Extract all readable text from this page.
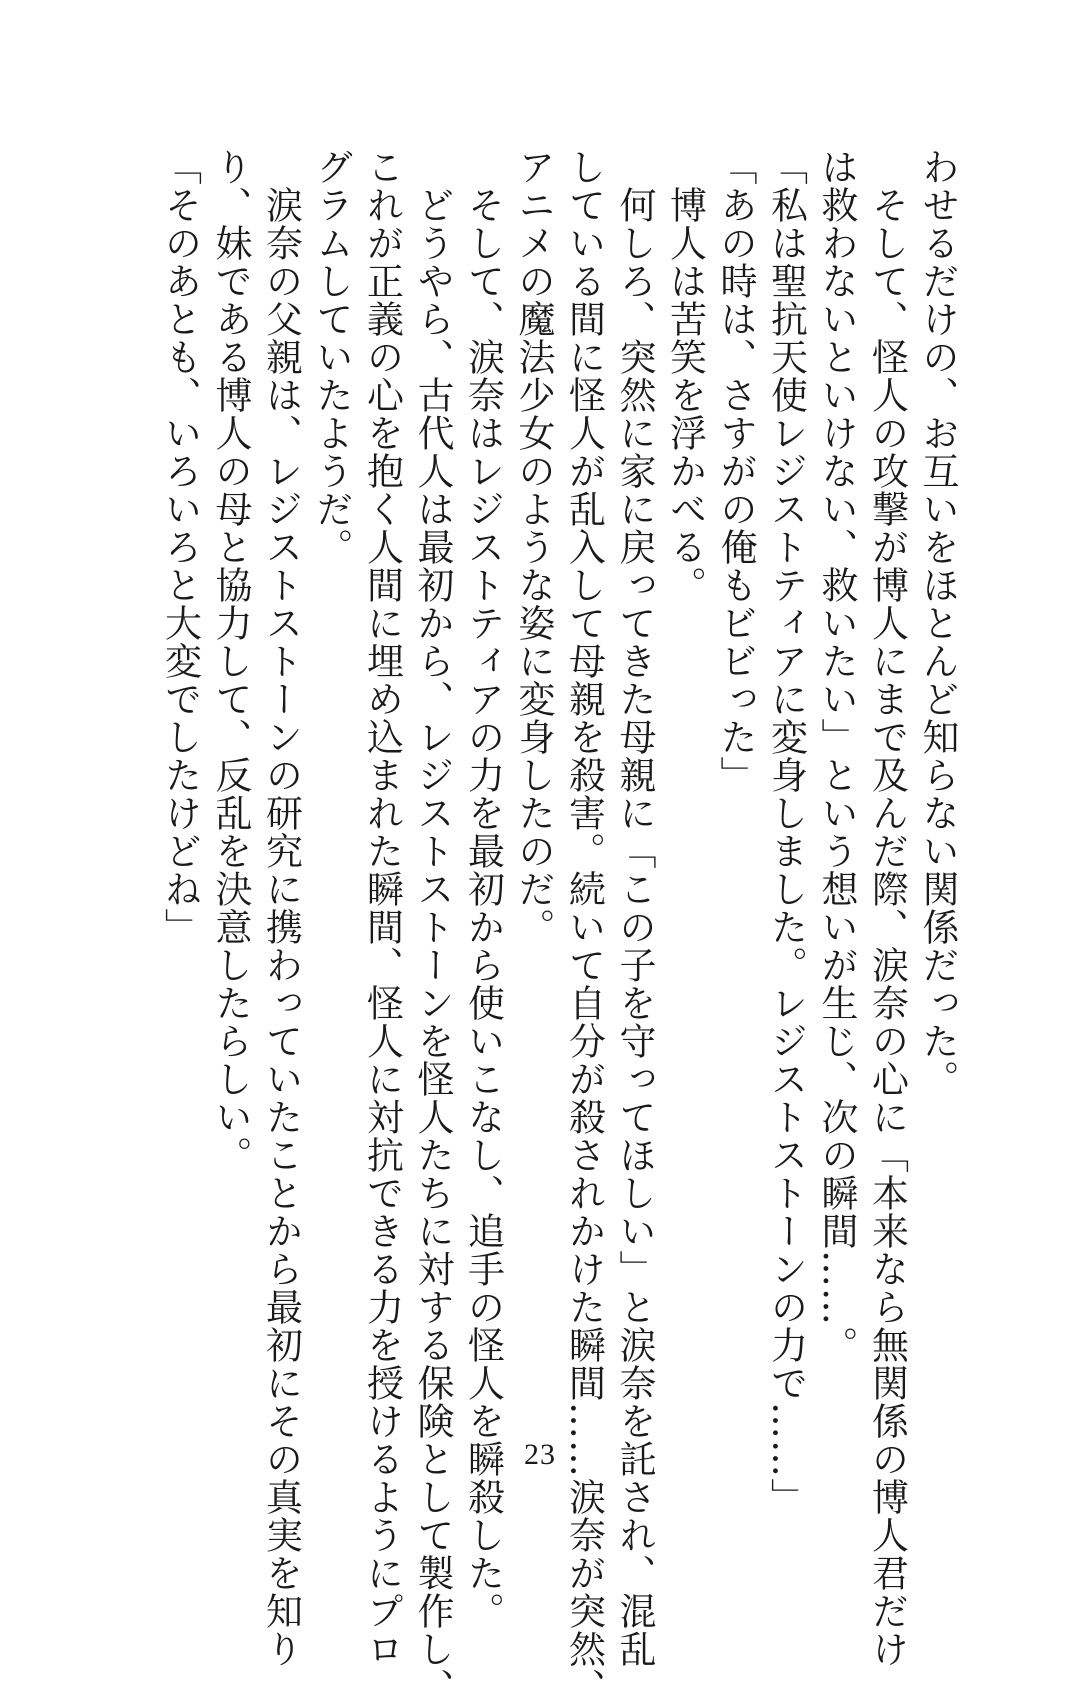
わせるだけの、お互いをほとんど知らない関係だった。
　そして、怪人の攻撃が博人にまで及んだ際、涙奈の心に「本来なら無関係の博人君だけ
は救わないといけない、救いたい」という想いが生じ、次の瞬間……。
「私は聖抗天使レジストティアに変身しました。レジストストーンの力で……」
「あの時は、さすがの俺もビビった」
　博人は苦笑を浮かべる。
　何しろ、突然に家に戻ってきた母親に「この子を守ってほしい」と涙奈を託され、混乱
している間に怪人が乱入して母親を殺害。続いて自分が殺されかけた瞬間……涙奈が突然、
アニメの魔法少女のような姿に変身したのだ。
　そして、涙奈はレジストティアの力を最初から使いこなし、追手の怪人を瞬殺した。
　どうやら、古代人は最初から、レジストストーンを怪人たちに対する保険として製作し、
これが正義の心を抱く人間に埋め込まれた瞬間、怪人に対抗できる力を授けるようにプロ
グラムしていたようだ。
　涙奈の父親は、レジストストーンの研究に携わっていたことから最初にその真実を知り
り、妹である博人の母と協力して、反乱を決意したらしい。
「そのあとも、いろいろと大変でしたけどね」
23
